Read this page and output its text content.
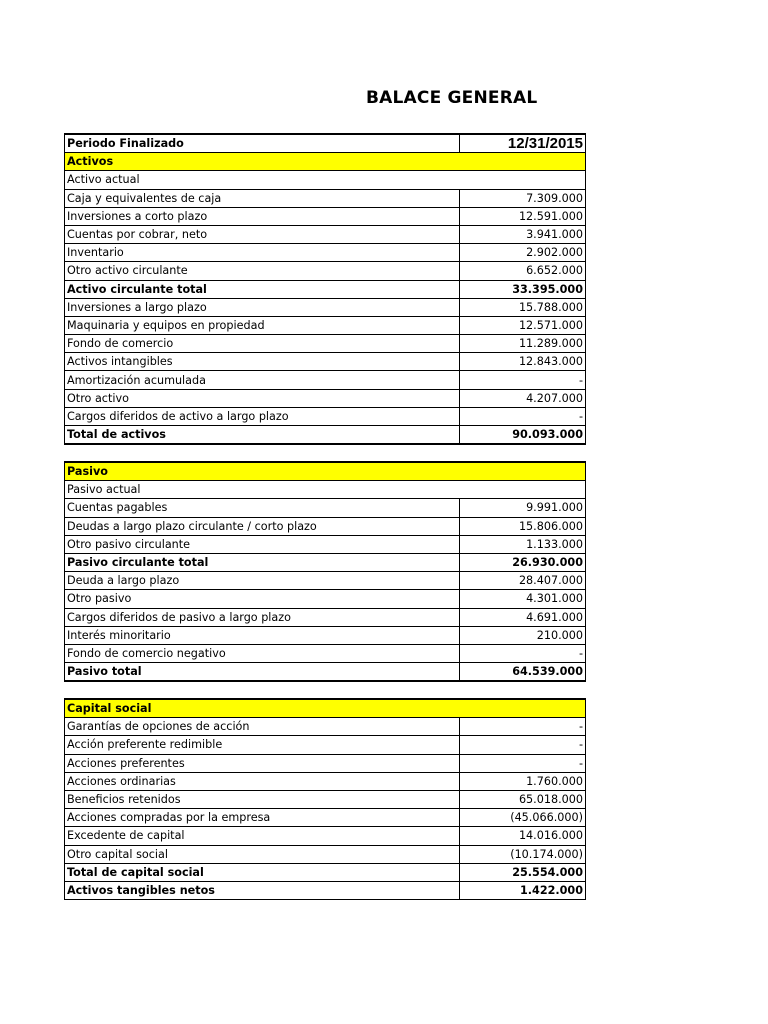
BALACE GENERAL
Periodo Finalizado	12/31/2015
Activos	
Activo actual	
Caja y equivalentes de caja	7.309.000
Inversiones a corto plazo	12.591.000
Cuentas por cobrar, neto	3.941.000
Inventario	2.902.000
Otro activo circulante	6.652.000
Activo circulante total	33.395.000
Inversiones a largo plazo	15.788.000
Maquinaria y equipos en propiedad	12.571.000
Fondo de comercio	11.289.000
Activos intangibles	12.843.000
Amortización acumulada	-
Otro activo	4.207.000
Cargos diferidos de activo a largo plazo	-
Total de activos	90.093.000
Pasivo	
Pasivo actual	
Cuentas pagables	9.991.000
Deudas a largo plazo circulante / corto plazo	15.806.000
Otro pasivo circulante	1.133.000
Pasivo circulante total	26.930.000
Deuda a largo plazo	28.407.000
Otro pasivo	4.301.000
Cargos diferidos de pasivo a largo plazo	4.691.000
Interés minoritario	210.000
Fondo de comercio negativo	-
Pasivo total	64.539.000
Capital social	
Garantías de opciones de acción	-
Acción preferente redimible	-
Acciones preferentes	-
Acciones ordinarias	1.760.000
Beneficios retenidos	65.018.000
Acciones compradas por la empresa	(45.066.000)
Excedente de capital	14.016.000
Otro capital social	(10.174.000)
Total de capital social	25.554.000
Activos tangibles netos	1.422.000
